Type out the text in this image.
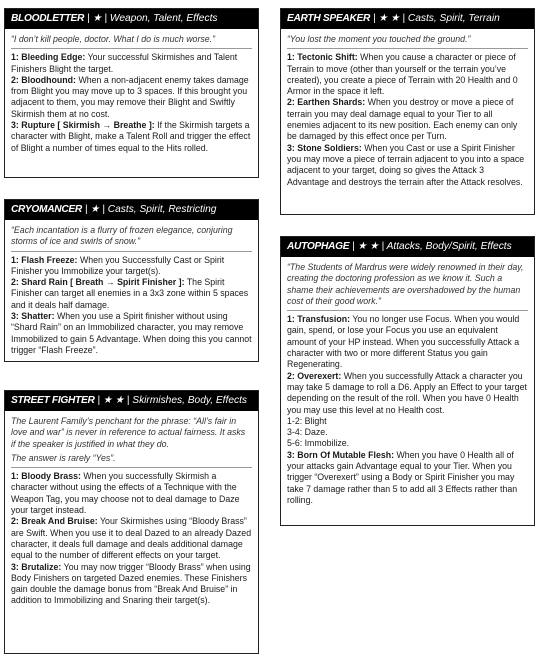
BLOODLETTER | ★ | Weapon, Talent, Effects
“I don’t kill people, doctor. What I do is much worse.”

1: Bleeding Edge: Your successful Skirmishes and Talent Finishers Blight the target.

2: Bloodhound: When a non-adjacent enemy takes damage from Blight you may move up to 3 spaces. If this brought you adjacent to them, you may remove their Blight and Swiftly Skirmish them at no cost.

3: Rupture [ Skirmish → Breathe ]: If the Skirmish targets a character with Blight, make a Talent Roll and trigger the effect of Blight a number of times equal to the Hits rolled.

CRYOMANCER | ★ | Casts, Spirit, Restricting
“Each incantation is a flurry of frozen elegance, conjuring storms of ice and swirls of snow.”

1: Flash Freeze: When you Successfully Cast or Spirit Finisher you Immobilize your target(s).

2: Shard Rain [ Breath → Spirit Finisher ]: The Spirit Finisher can target all enemies in a 3x3 zone within 5 spaces and it deals half damage.

3: Shatter: When you use a Spirit finisher without using “Shard Rain” on an Immobilized character, you may remove Immobilized to gain 5 Advantage. When doing this you cannot trigger “Flash Freeze”.

STREET FIGHTER | ★ ★ | Skirmishes, Body, Effects
The Laurent Family’s penchant for the phrase: “All’s fair in love and war” is never in reference to actual fairness. It asks if the speaker is justified in what they do.
The answer is rarely “Yes”.

1: Bloody Brass: When you successfully Skirmish a character without using the effects of a Technique with the Weapon Tag, you may choose not to deal damage to Daze your target instead.

2: Break And Bruise: Your Skirmishes using “Bloody Brass” are Swift. When you use it to deal Dazed to an already Dazed character, it deals full damage and deals additional damage equal to the number of different effects on your target.

3: Brutalize: You may now trigger “Bloody Brass” when using Body Finishers on targeted Dazed enemies. These Finishers gain double the damage bonus from “Break And Bruise” in addition to Immobilizing and Snaring their target(s).

EARTH SPEAKER | ★ ★ | Casts, Spirit, Terrain
“You lost the moment you touched the ground.”

1: Tectonic Shift: When you cause a character or piece of Terrain to move (other than yourself or the terrain you’ve created), you create a piece of Terrain with 20 Health and 0 Armor in the space it left.

2: Earthen Shards: When you destroy or move a piece of terrain you may deal damage equal to your Tier to all enemies adjacent to its new position. Each enemy can only be damaged by this effect once per Turn.

3: Stone Soldiers: When you Cast or use a Spirit Finisher you may move a piece of terrain adjacent to you into a space adjacent to your target, doing so gives the Attack 3 Advantage and destroys the terrain after the Attack resolves.

AUTOPHAGE | ★ ★ | Attacks, Body/Spirit, Effects
“The Students of Mardrus were widely renowned in their day, creating the doctoring profession as we know it. Such a shame their achievements are overshadowed by the human cost of their good work.”

1: Transfusion: You no longer use Focus. When you would gain, spend, or lose your Focus you use an equivalent amount of your HP instead. When you successfully Attack a character with two or more different Status you gain Regenerating.

2: Overexert: When you successfully Attack a character you may take 5 damage to roll a D6. Apply an Effect to your target depending on the result of the roll. When you have 0 Health you may use this level at no Health cost.

1-2: Blight

3-4: Daze.

5-6: Immobilize.

3: Born Of Mutable Flesh: When you have 0 Health all of your attacks gain Advantage equal to your Tier. When you trigger “Overexert” using a Body or Spirit Finisher you may take 7 damage rather than 5 to add all 3 Effects rather than rolling.
